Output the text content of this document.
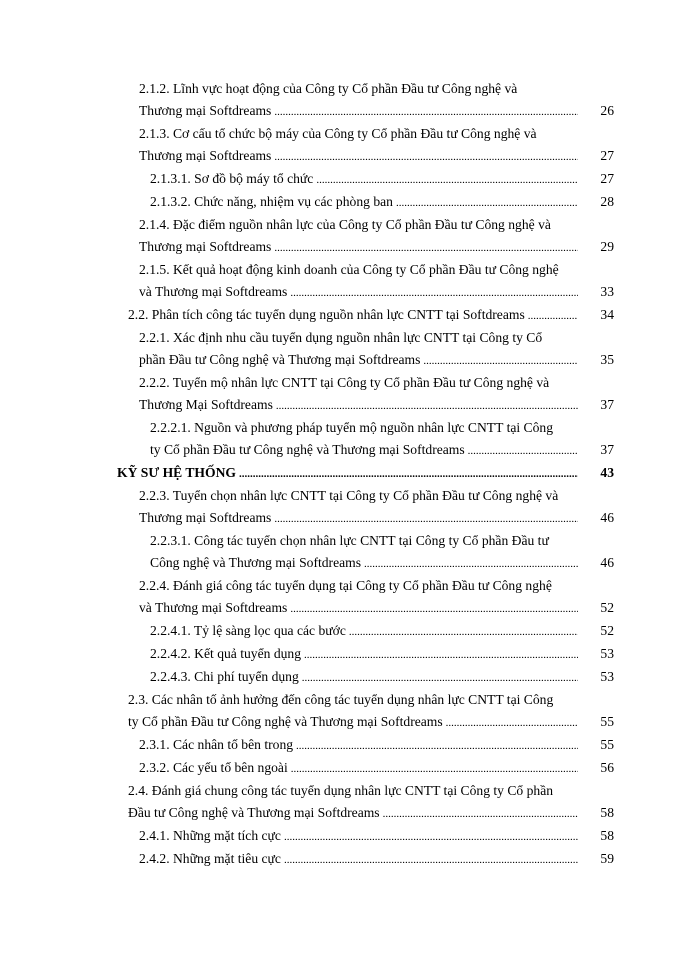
2.1.2. Lĩnh vực hoạt động của Công ty Cổ phần Đầu tư Công nghệ và
Thương mại Softdreams .....	26
2.1.3. Cơ cấu tổ chức bộ máy của Công ty Cổ phần Đầu tư Công nghệ và
Thương mại Softdreams .....	27
2.1.3.1. Sơ đồ bộ máy tổ chức .....	27
2.1.3.2. Chức năng, nhiệm vụ các phòng ban .....	28
2.1.4. Đặc điểm nguồn nhân lực của Công ty Cổ phần Đầu tư Công nghệ và
Thương mại Softdreams .....	29
2.1.5. Kết quả hoạt động kinh doanh của Công ty Cổ phần Đầu tư Công nghệ
và Thương mại Softdreams .....	33
2.2. Phân tích công tác tuyển dụng nguồn nhân lực CNTT tại Softdreams .....	34
2.2.1. Xác định nhu cầu tuyển dụng nguồn nhân lực CNTT tại Công ty Cổ
phần Đầu tư Công nghệ và Thương mại Softdreams .....	35
2.2.2. Tuyển mộ nhân lực CNTT tại Công ty Cổ phần Đầu tư Công nghệ và
Thương Mại Softdreams .....	37
2.2.2.1. Nguồn và phương pháp tuyển mộ nguồn nhân lực CNTT tại Công
ty Cổ phần Đầu tư Công nghệ và Thương mại Softdreams .....	37
KỸ SƯ HỆ THỐNG .....	43
2.2.3. Tuyển chọn nhân lực CNTT tại Công ty Cổ phần Đầu tư Công nghệ và
Thương mại Softdreams .....	46
2.2.3.1. Công tác tuyển chọn nhân lực CNTT tại Công ty Cổ phần Đầu tư
Công nghệ và Thương mại Softdreams .....	46
2.2.4. Đánh giá công tác tuyển dụng tại Công ty Cổ phần Đầu tư Công nghệ
và Thương mại Softdreams .....	52
2.2.4.1. Tỷ lệ sàng lọc qua các bước .....	52
2.2.4.2. Kết quả tuyển dụng .....	53
2.2.4.3. Chi phí tuyển dụng .....	53
2.3. Các nhân tố ảnh hưởng đến công tác tuyển dụng nhân lực CNTT tại Công
ty Cổ phần Đầu tư Công nghệ và Thương mại Softdreams .....	55
2.3.1. Các nhân tố bên trong .....	55
2.3.2. Các yếu tố bên ngoài .....	56
2.4. Đánh giá chung công tác tuyển dụng nhân lực CNTT tại Công ty Cổ phần
Đầu tư Công nghệ và Thương mại Softdreams .....	58
2.4.1. Những mặt tích cực .....	58
2.4.2. Những mặt tiêu cực .....	59
